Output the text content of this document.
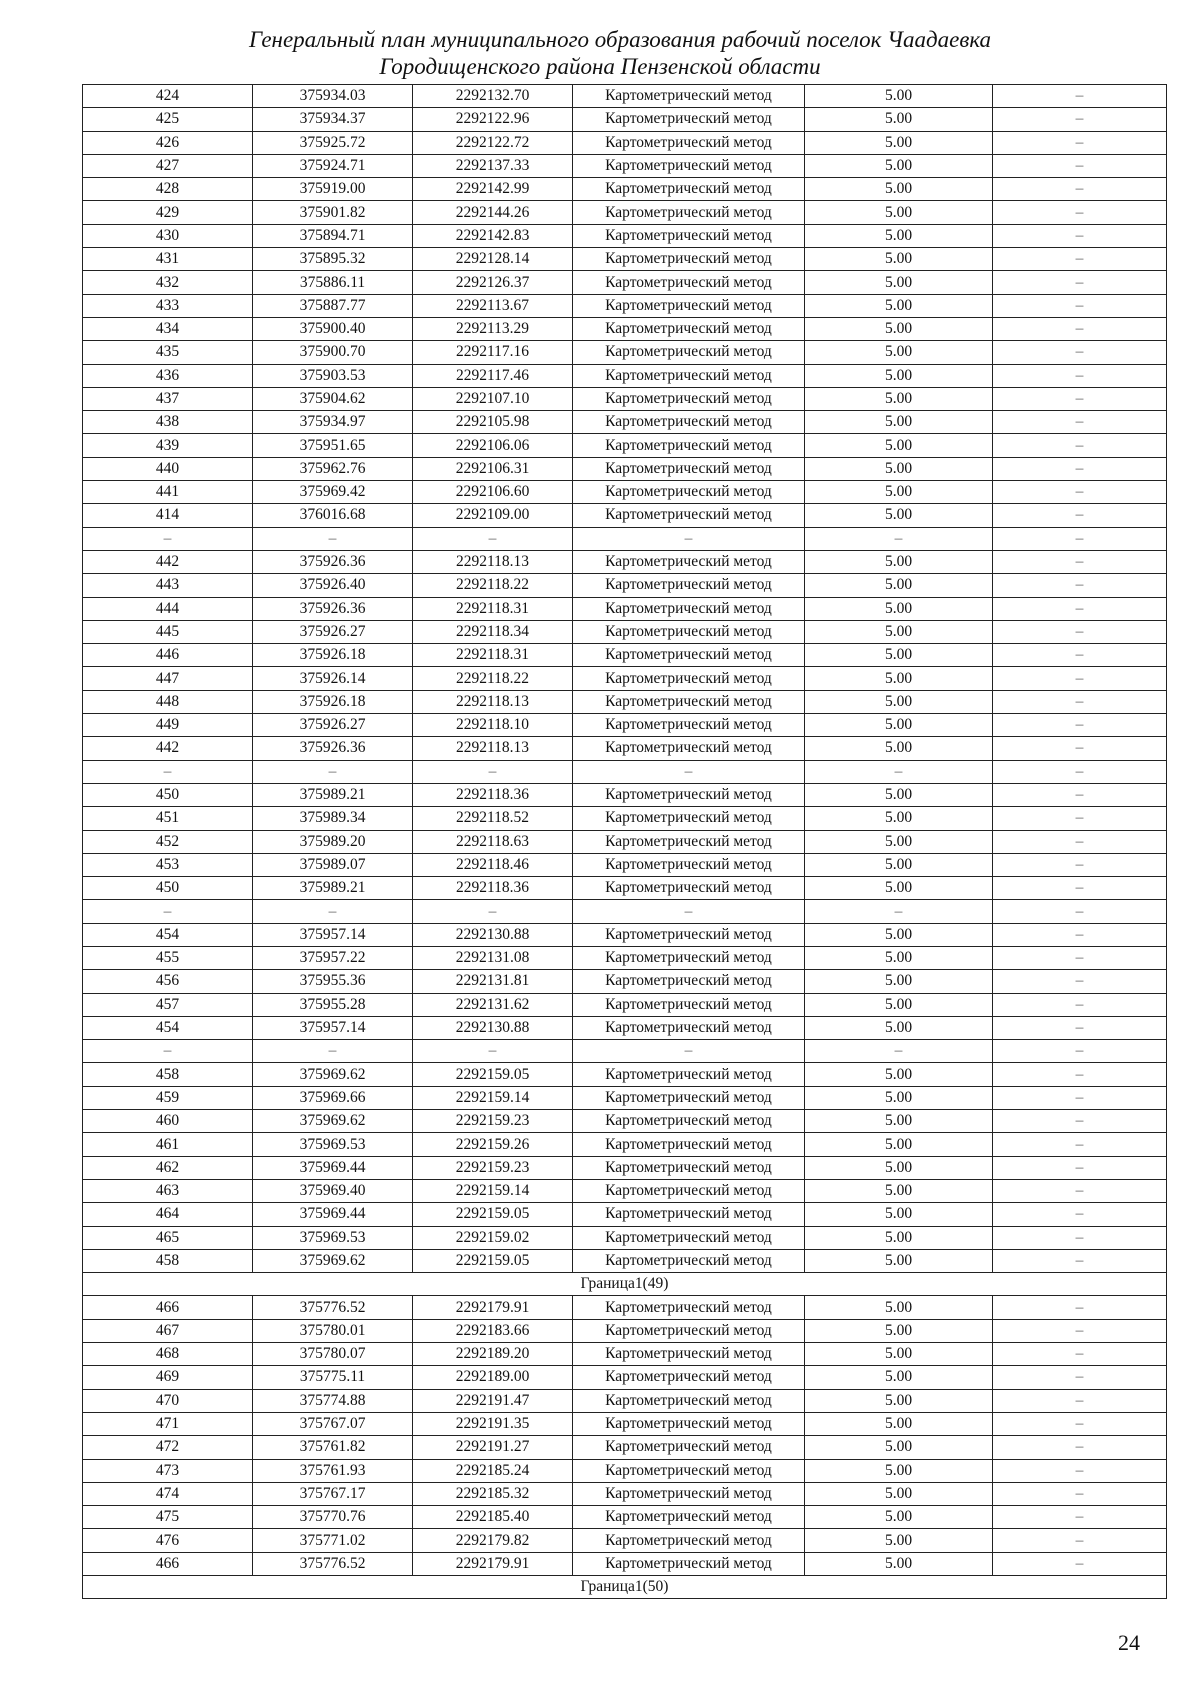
Генеральный план муниципального образования рабочий поселок Чаадаевка
Городищенского района Пензенской области
424	375934.03	2292132.70	Картометрический метод	5.00	–
425	375934.37	2292122.96	Картометрический метод	5.00	–
426	375925.72	2292122.72	Картометрический метод	5.00	–
427	375924.71	2292137.33	Картометрический метод	5.00	–
428	375919.00	2292142.99	Картометрический метод	5.00	–
429	375901.82	2292144.26	Картометрический метод	5.00	–
430	375894.71	2292142.83	Картометрический метод	5.00	–
431	375895.32	2292128.14	Картометрический метод	5.00	–
432	375886.11	2292126.37	Картометрический метод	5.00	–
433	375887.77	2292113.67	Картометрический метод	5.00	–
434	375900.40	2292113.29	Картометрический метод	5.00	–
435	375900.70	2292117.16	Картометрический метод	5.00	–
436	375903.53	2292117.46	Картометрический метод	5.00	–
437	375904.62	2292107.10	Картометрический метод	5.00	–
438	375934.97	2292105.98	Картометрический метод	5.00	–
439	375951.65	2292106.06	Картометрический метод	5.00	–
440	375962.76	2292106.31	Картометрический метод	5.00	–
441	375969.42	2292106.60	Картометрический метод	5.00	–
414	376016.68	2292109.00	Картометрический метод	5.00	–
–	–	–	–	–	–
442	375926.36	2292118.13	Картометрический метод	5.00	–
443	375926.40	2292118.22	Картометрический метод	5.00	–
444	375926.36	2292118.31	Картометрический метод	5.00	–
445	375926.27	2292118.34	Картометрический метод	5.00	–
446	375926.18	2292118.31	Картометрический метод	5.00	–
447	375926.14	2292118.22	Картометрический метод	5.00	–
448	375926.18	2292118.13	Картометрический метод	5.00	–
449	375926.27	2292118.10	Картометрический метод	5.00	–
442	375926.36	2292118.13	Картометрический метод	5.00	–
–	–	–	–	–	–
450	375989.21	2292118.36	Картометрический метод	5.00	–
451	375989.34	2292118.52	Картометрический метод	5.00	–
452	375989.20	2292118.63	Картометрический метод	5.00	–
453	375989.07	2292118.46	Картометрический метод	5.00	–
450	375989.21	2292118.36	Картометрический метод	5.00	–
–	–	–	–	–	–
454	375957.14	2292130.88	Картометрический метод	5.00	–
455	375957.22	2292131.08	Картометрический метод	5.00	–
456	375955.36	2292131.81	Картометрический метод	5.00	–
457	375955.28	2292131.62	Картометрический метод	5.00	–
454	375957.14	2292130.88	Картометрический метод	5.00	–
–	–	–	–	–	–
458	375969.62	2292159.05	Картометрический метод	5.00	–
459	375969.66	2292159.14	Картометрический метод	5.00	–
460	375969.62	2292159.23	Картометрический метод	5.00	–
461	375969.53	2292159.26	Картометрический метод	5.00	–
462	375969.44	2292159.23	Картометрический метод	5.00	–
463	375969.40	2292159.14	Картометрический метод	5.00	–
464	375969.44	2292159.05	Картометрический метод	5.00	–
465	375969.53	2292159.02	Картометрический метод	5.00	–
458	375969.62	2292159.05	Картометрический метод	5.00	–
Граница1(49)					
466	375776.52	2292179.91	Картометрический метод	5.00	–
467	375780.01	2292183.66	Картометрический метод	5.00	–
468	375780.07	2292189.20	Картометрический метод	5.00	–
469	375775.11	2292189.00	Картометрический метод	5.00	–
470	375774.88	2292191.47	Картометрический метод	5.00	–
471	375767.07	2292191.35	Картометрический метод	5.00	–
472	375761.82	2292191.27	Картометрический метод	5.00	–
473	375761.93	2292185.24	Картометрический метод	5.00	–
474	375767.17	2292185.32	Картометрический метод	5.00	–
475	375770.76	2292185.40	Картометрический метод	5.00	–
476	375771.02	2292179.82	Картометрический метод	5.00	–
466	375776.52	2292179.91	Картометрический метод	5.00	–
Граница1(50)					
24
